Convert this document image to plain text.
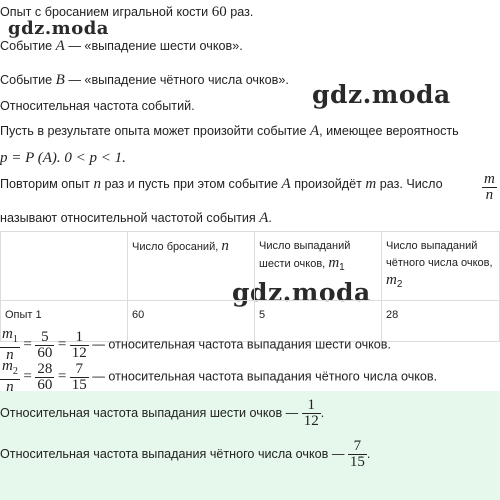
gdz.moda
gdz.moda
gdz.moda
Опыт с бросанием игральной кости 60 раз.
Событие A — «выпадение шести очков».
Событие B — «выпадение чётного числа очков».
Относительная частота событий.
Пусть в результате опыта может произойти событие A, имеющее вероятность
p = P (A). 0 < p < 1.
Повторим опыт n раз и пусть при этом событие A произойдёт m раз. Число	$\frac{m}{n}$
называют относительной частотой события A.
	Число бросаний, n	Число выпаданий шести очков, $m_1$	Число выпаданий чётного числа очков, $m_2$
Опыт 1	60	5	28
$\frac{m_1}{n} = \frac{5}{60} = \frac{1}{12}$ — относительная частота выпадания шести очков.
$\frac{m_2}{n} = \frac{28}{60} = \frac{7}{15}$ — относительная частота выпадания чётного числа очков.
Относительная частота выпадания шести очков — $\frac{1}{12}$ .
Относительная частота выпадания чётного числа очков — $\frac{7}{15}$ .
